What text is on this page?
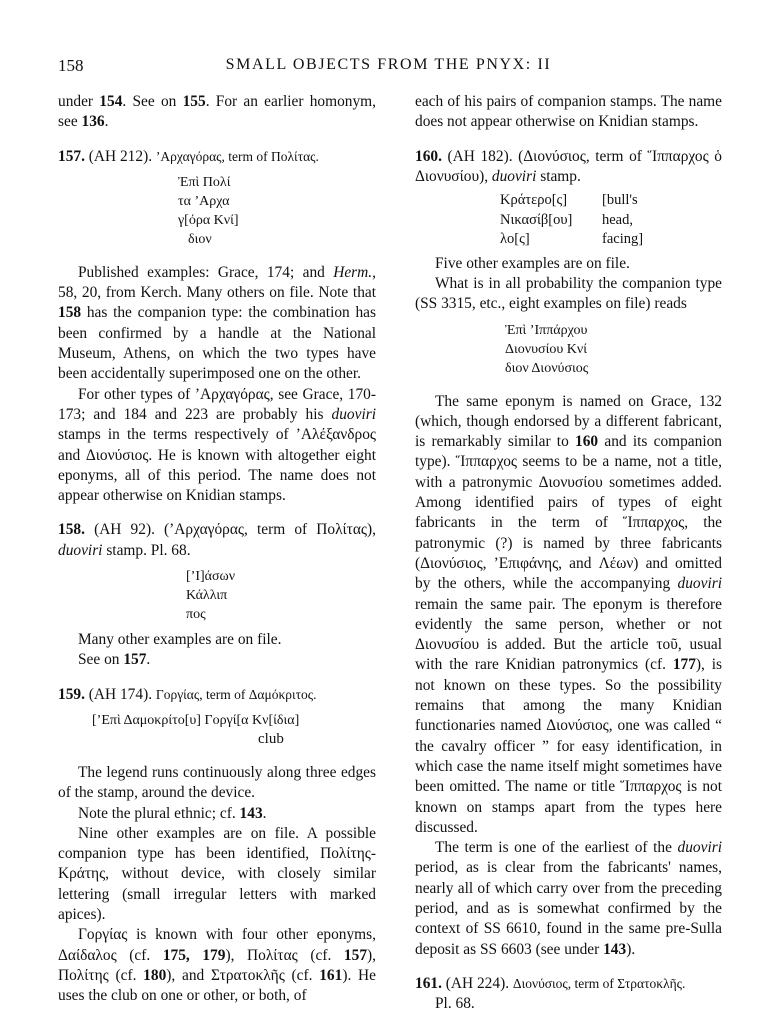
158	SMALL OBJECTS FROM THE PNYX: II

under 154. See on 155. For an earlier homonym, see 136.

157. (AH 212). ʼΑρχαγόρας, term of Πολίτας.

Ἐπὶ Πολί
τα ʼΑρχα
γ[όρα Κνί]
διον

Published examples: Grace, 174; and Herm., 58, 20, from Kerch. Many others on file. Note that 158 has the companion type: the combination has been confirmed by a handle at the National Museum, Athens, on which the two types have been accidentally superimposed one on the other.

For other types of ʼΑρχαγόρας, see Grace, 170-173; and 184 and 223 are probably his duoviri stamps in the terms respectively of ʼΑλέξανδρος and Διονύσιος. He is known with altogether eight eponyms, all of this period. The name does not appear otherwise on Knidian stamps.

158. (AH 92). (ʼΑρχαγόρας, term of Πολίτας), duoviri stamp. Pl. 68.

[ʼΙ]άσων
Κάλλιπ
πος

Many other examples are on file.

See on 157.

159. (AH 174). Γοργίας, term of Δαμόκριτος.

[ʼΕπὶ Δαμοκρίτο[υ] Γοργί[α Κν[ίδια]
club

The legend runs continuously along three edges of the stamp, around the device.

Note the plural ethnic; cf. 143.

Nine other examples are on file. A possible companion type has been identified, Πολίτης-Κράτης, without device, with closely similar lettering (small irregular letters with marked apices).

Γοργίας is known with four other eponyms, Δαίδαλος (cf. 175, 179), Πολίτας (cf. 157), Πολίτης (cf. 180), and Στρατοκλῆς (cf. 161). He uses the club on one or other, or both, of

each of his pairs of companion stamps. The name does not appear otherwise on Knidian stamps.

160. (AH 182). (Διονύσιος, term of Ἵππαρχος ὁ Διονυσίου), duoviri stamp.

Κράτερο[ς]	[bull's
Νικασίβ[ου]	head,
λο[ς]	facing]

Five other examples are on file.

What is in all probability the companion type (SS 3315, etc., eight examples on file) reads

Ἐπὶ ʼΙππάρχου
Διονυσίου Κνί
διον Διονύσιος

The same eponym is named on Grace, 132 (which, though endorsed by a different fabricant, is remarkably similar to 160 and its companion type). Ἵππαρχος seems to be a name, not a title, with a patronymic Διονυσίου sometimes added. Among identified pairs of types of eight fabricants in the term of Ἵππαρχος, the patronymic (?) is named by three fabricants (Διονύσιος, ʼΕπιφάνης, and Λέων) and omitted by the others, while the accompanying duoviri remain the same pair. The eponym is therefore evidently the same person, whether or not Διονυσίου is added. But the article τοῦ, usual with the rare Knidian patronymics (cf. 177), is not known on these types. So the possibility remains that among the many Knidian functionaries named Διονύσιος, one was called “ the cavalry officer ” for easy identification, in which case the name itself might sometimes have been omitted. The name or title Ἵππαρχος is not known on stamps apart from the types here discussed.

The term is one of the earliest of the duoviri period, as is clear from the fabricants' names, nearly all of which carry over from the preceding period, and as is somewhat confirmed by the context of SS 6610, found in the same pre-Sulla deposit as SS 6603 (see under 143).

161. (AH 224). Διονύσιος, term of Στρατοκλῆς.

Pl. 68.
